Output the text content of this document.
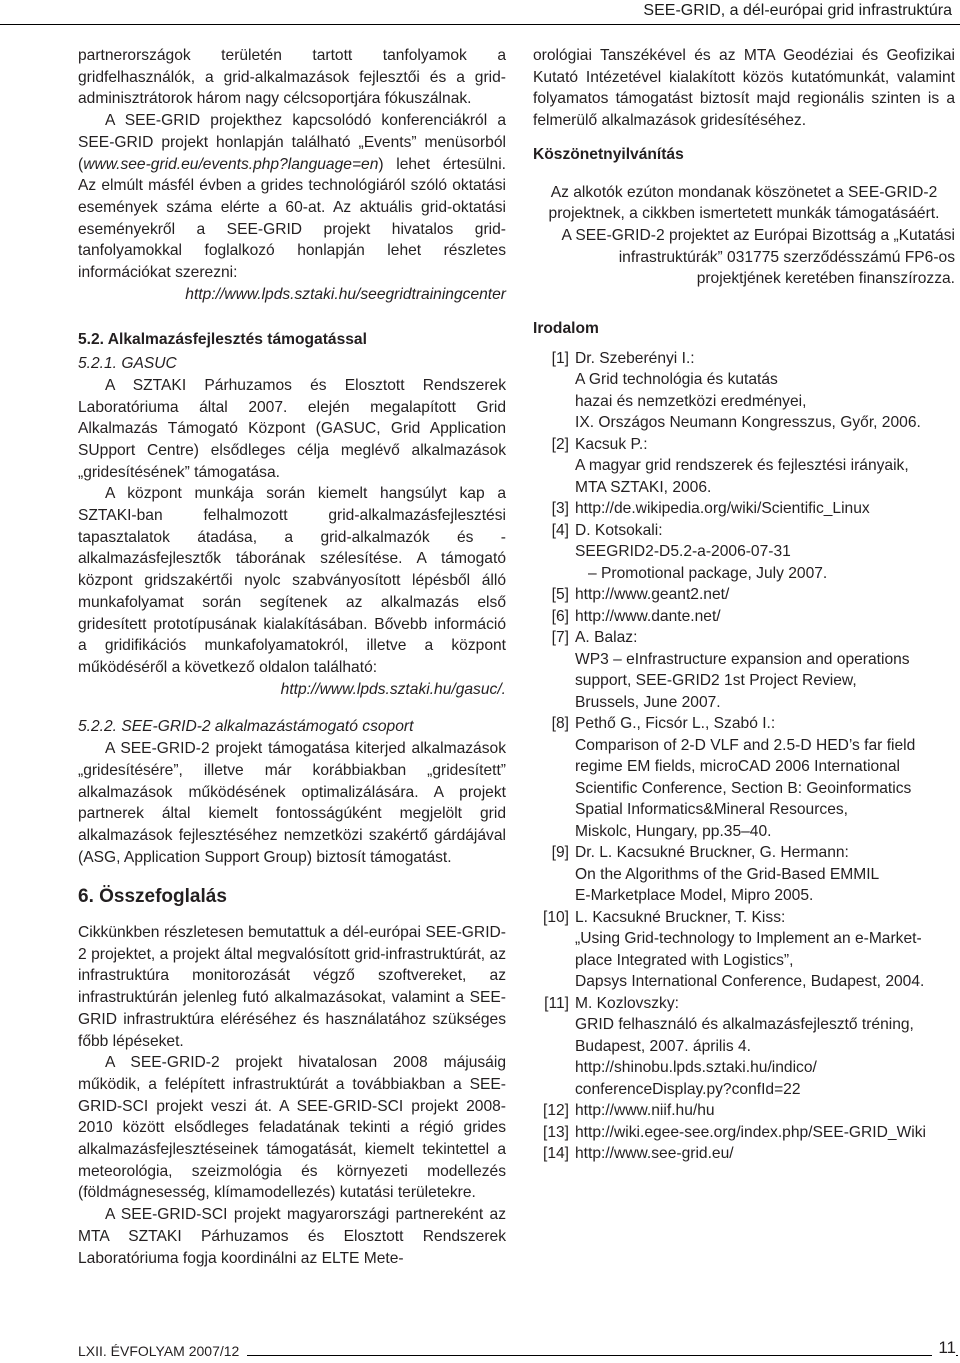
SEE-GRID, a dél-európai grid infrastruktúra

partnerországok területén tartott tanfolyamok a gridfelhasználók, a grid-alkalmazások fejlesztői és a grid-adminisztrátorok három nagy célcsoportjára fókuszálnak.

A SEE-GRID projekthez kapcsolódó konferenciákról a SEE-GRID projekt honlapján található „Events” menüsorból (www.see-grid.eu/events.php?language=en) lehet értesülni. Az elmúlt másfél évben a grides technológiáról szóló oktatási események száma elérte a 60-at. Az aktuális grid-oktatási eseményekről a SEE-GRID projekt hivatalos grid-tanfolyamokkal foglalkozó honlapján lehet részletes információkat szerezni:

http://www.lpds.sztaki.hu/seegridtrainingcenter

5.2. Alkalmazásfejlesztés támogatással
5.2.1. GASUC

A SZTAKI Párhuzamos és Elosztott Rendszerek Laboratóriuma által 2007. elején megalapított Grid Alkalmazás Támogató Központ (GASUC, Grid Application SUpport Centre) elsődleges célja meglévő alkalmazások „gridesítésének” támogatása.

A központ munkája során kiemelt hangsúlyt kap a SZTAKI-ban felhalmozott grid-alkalmazásfejlesztési tapasztalatok átadása, a grid-alkalmazók és -alkalmazásfejlesztők táborának szélesítése. A támogató központ gridszakértői nyolc szabványosított lépésből álló munkafolyamat során segítenek az alkalmazás első gridesített prototípusának kialakításában. Bővebb információ a gridifikációs munkafolyamatokról, illetve a központ működéséről a következő oldalon található:

http://www.lpds.sztaki.hu/gasuc/.

5.2.2. SEE-GRID-2 alkalmazástámogató csoport

A SEE-GRID-2 projekt támogatása kiterjed alkalmazások „gridesítésére”, illetve már korábbiakban „gridesített” alkalmazások működésének optimalizálására. A projekt partnerek által kiemelt fontosságúként megjelölt grid alkalmazások fejlesztéséhez nemzetközi szakértő gárdájával (ASG, Application Support Group) biztosít támogatást.

6. Összefoglalás

Cikkünkben részletesen bemutattuk a dél-európai SEE-GRID-2 projektet, a projekt által megvalósított grid-infrastruktúrát, az infrastruktúra monitorozását végző szoftvereket, az infrastruktúrán jelenleg futó alkalmazásokat, valamint a SEE-GRID infrastruktúra eléréséhez és használatához szükséges főbb lépéseket.

A SEE-GRID-2 projekt hivatalosan 2008 májusáig működik, a felépített infrastruktúrát a továbbiakban a SEE-GRID-SCI projekt veszi át. A SEE-GRID-SCI projekt 2008-2010 között elsődleges feladatának tekinti a régió grides alkalmazásfejlesztéseinek támogatását, kiemelt tekintettel a meteorológia, szeizmológia és környezeti modellezés (földmágnesesség, klímamodellezés) kutatási területekre.

A SEE-GRID-SCI projekt magyarországi partnereként az MTA SZTAKI Párhuzamos és Elosztott Rendszerek Laboratóriuma fogja koordinálni az ELTE Mete-

orológiai Tanszékével és az MTA Geodéziai és Geofizikai Kutató Intézetével kialakított közös kutatómunkát, valamint folyamatos támogatást biztosít majd regionális szinten is a felmerülő alkalmazások gridesítéséhez.

Köszönetnyilvánítás

Az alkotók ezúton mondanak köszönetet a SEE-GRID-2 projektnek, a cikkben ismertetett munkák támogatásáért.

A SEE-GRID-2 projektet az Európai Bizottság a „Kutatási infrastruktúrák” 031775 szerződésszámú FP6-os projektjének keretében finanszírozza.

Irodalom
[1] Dr. Szeberényi I.:
A Grid technológia és kutatás
hazai és nemzetközi eredményei,
IX. Országos Neumann Kongresszus, Győr, 2006.
[2] Kacsuk P.:
A magyar grid rendszerek és fejlesztési irányaik,
MTA SZTAKI, 2006.
[3] http://de.wikipedia.org/wiki/Scientific_Linux
[4] D. Kotsokali:
SEEGRID2-D5.2-a-2006-07-31
– Promotional package, July 2007.
[5] http://www.geant2.net/
[6] http://www.dante.net/
[7] A. Balaz:
WP3 – eInfrastructure expansion and operations
support, SEE-GRID2 1st Project Review,
Brussels, June 2007.
[8] Pethő G., Ficsór L., Szabó I.:
Comparison of 2-D VLF and 2.5-D HED’s far field
regime EM fields, microCAD 2006 International
Scientific Conference, Section B: Geoinformatics
Spatial Informatics&Mineral Resources,
Miskolc, Hungary, pp.35–40.
[9] Dr. L. Kacsukné Bruckner, G. Hermann:
On the Algorithms of the Grid-Based EMMIL
E-Marketplace Model, Mipro 2005.
[10] L. Kacsukné Bruckner, T. Kiss:
„Using Grid-technology to Implement an e-Market-
place Integrated with Logistics”,
Dapsys International Conference, Budapest, 2004.
[11] M. Kozlovszky:
GRID felhasználó és alkalmazásfejlesztő tréning,
Budapest, 2007. április 4.
http://shinobu.lpds.sztaki.hu/indico/
conferenceDisplay.py?confId=22
[12] http://www.niif.hu/hu
[13] http://wiki.egee-see.org/index.php/SEE-GRID_Wiki
[14] http://www.see-grid.eu/
LXII. ÉVFOLYAM 2007/12	11
